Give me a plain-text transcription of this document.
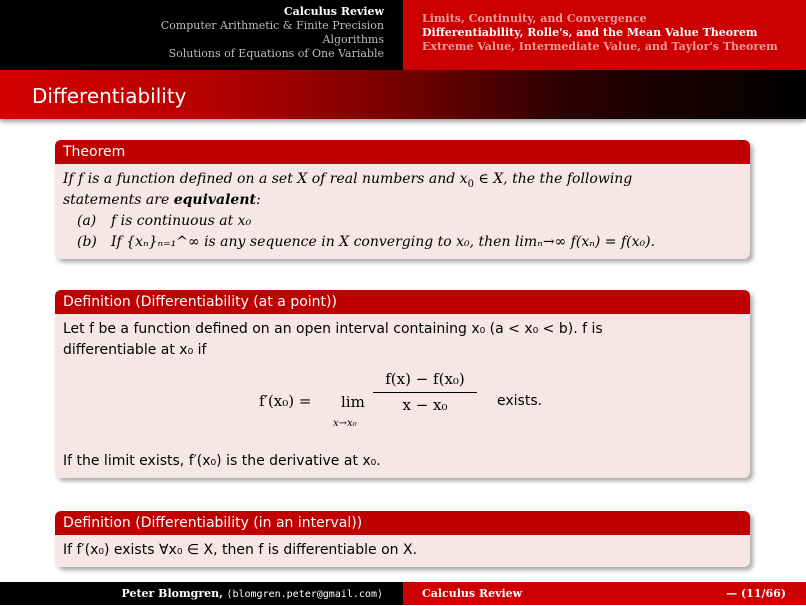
Calculus Review
Computer Arithmetic & Finite Precision
Algorithms
Solutions of Equations of One Variable
Limits, Continuity, and Convergence
Differentiability, Rolle's, and the Mean Value Theorem
Extreme Value, Intermediate Value, and Taylor's Theorem
Differentiability
Theorem
If f is a function defined on a set X of real numbers and $x_0$ ∈ X, the the following
statements are equivalent:
(a)	f is continuous at x₀
(b)	If {xₙ}ₙ₌₁^∞ is any sequence in X converging to x₀, then limₙ→∞ f(xₙ) = f(x₀).
Definition (Differentiability (at a point))
Let f be a function defined on an open interval containing x₀ (a < x₀ < b). f is
differentiable at x₀ if
f′(x₀) = lim
x→x₀
$\frac{\text{f(x) − f(x₀)}}{\text{x − x₀}}$ exists.
If the limit exists, f′(x₀) is the derivative at x₀.
Definition (Differentiability (in an interval))
If f′(x₀) exists ∀x₀ ∈ X, then f is differentiable on X.
Peter Blomgren, ⟨blomgren.peter@gmail.com⟩	Calculus Review	— (11/66)
